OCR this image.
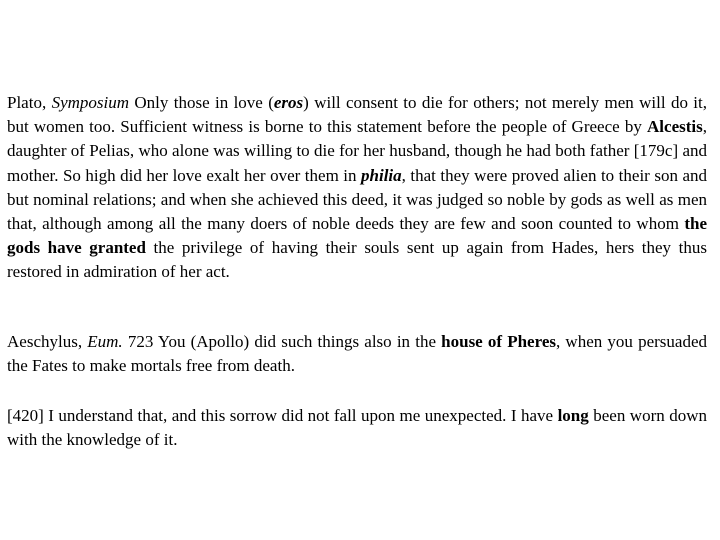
Plato, Symposium Only those in love (eros) will consent to die for others; not merely men will do it, but women too. Sufficient witness is borne to this statement before the people of Greece by Alcestis, daughter of Pelias, who alone was willing to die for her husband, though he had both father [179c] and mother. So high did her love exalt her over them in philia, that they were proved alien to their son and but nominal relations; and when she achieved this deed, it was judged so noble by gods as well as men that, although among all the many doers of noble deeds they are few and soon counted to whom the gods have granted the privilege of having their souls sent up again from Hades, hers they thus restored in admiration of her act.

Aeschylus, Eum. 723 You (Apollo) did such things also in the house of Pheres, when you persuaded the Fates to make mortals free from death.

[420] I understand that, and this sorrow did not fall upon me unexpected. I have long been worn down with the knowledge of it.
